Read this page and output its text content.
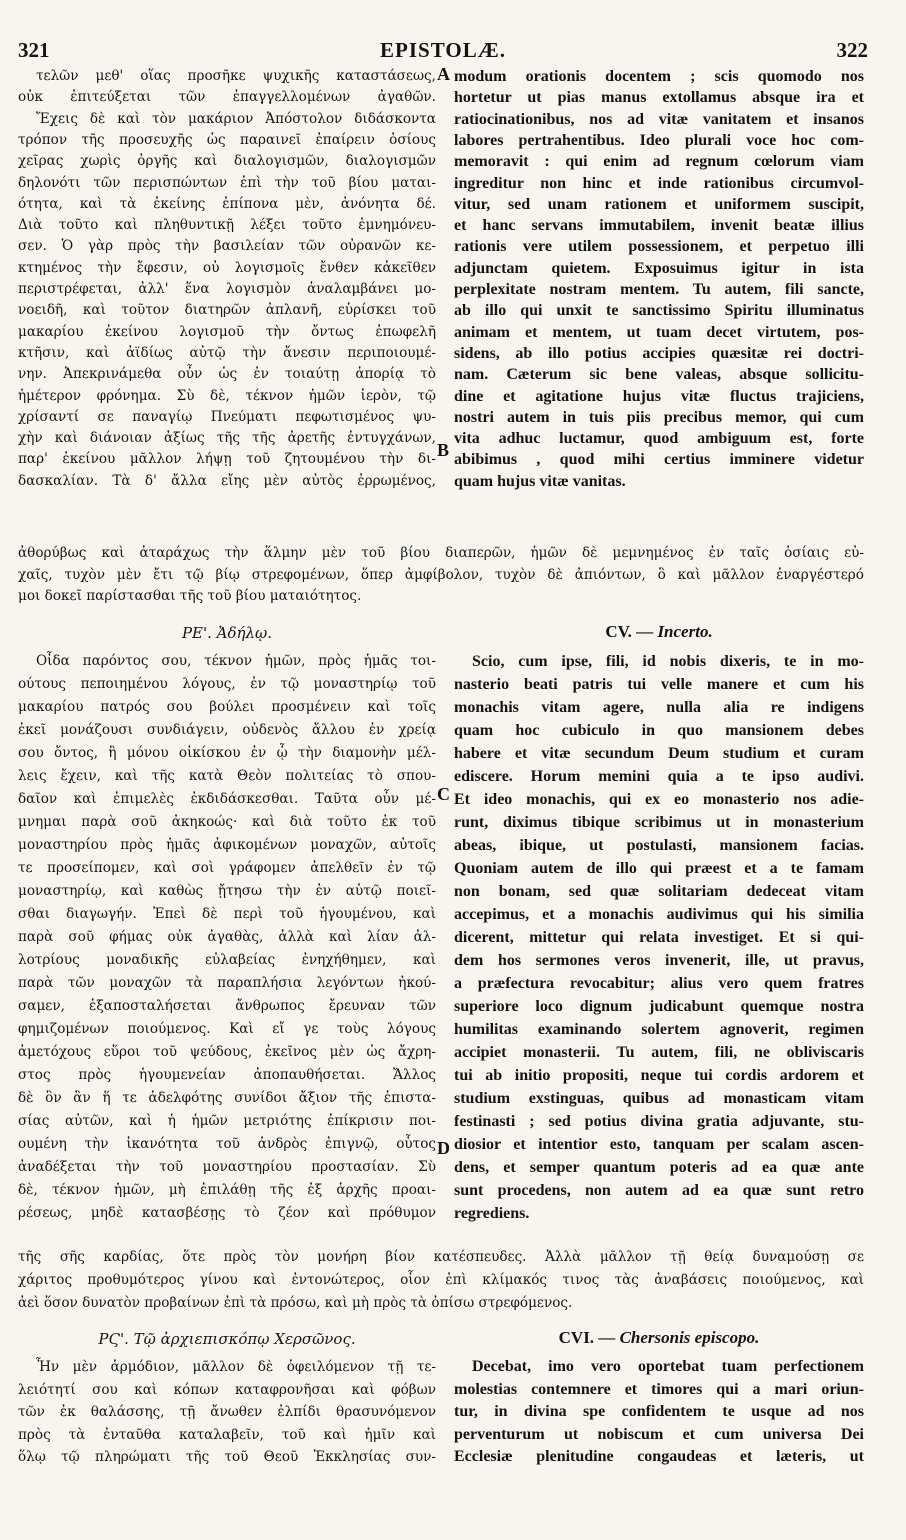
321	EPISTOLÆ.	322
τελῶν μεθ' οἵας προσῆκε ψυχικῆς καταστάσεως,
οὐκ ἐπιτεύξεται τῶν ἐπαγγελλομένων ἀγαθῶν.
Ἔχεις δὲ καὶ τὸν μακάριον Ἀπόστολον διδάσκοντα
τρόπον τῆς προσευχῆς ὡς παραινεῖ ἐπαίρειν ὁσίους
χεῖρας χωρὶς ὀργῆς καὶ διαλογισμῶν, διαλογισμῶν
δηλονότι τῶν περισπώντων ἐπὶ τὴν τοῦ βίου μαται-
ότητα, καὶ τὰ ἐκείνης ἐπίπονα μὲν, ἀνόνητα δέ.
Διὰ τοῦτο καὶ πληθυντικῇ λέξει τοῦτο ἐμνημόνευ-
σεν. Ὁ γὰρ πρὸς τὴν βασιλείαν τῶν οὐρανῶν κε-
κτημένος τὴν ἔφεσιν, οὐ λογισμοῖς ἔνθεν κἀκεῖθεν
περιστρέφεται, ἀλλ' ἕνα λογισμὸν ἀναλαμβάνει μο-
νοειδῆ, καὶ τοῦτον διατηρῶν ἀπλανῆ, εὑρίσκει τοῦ
μακαρίου ἐκείνου λογισμοῦ τὴν ὄντως ἐπωφελῆ
κτῆσιν, καὶ ἀϊδίως αὐτῷ τὴν ἄνεσιν περιποιουμέ-
νην. Ἀπεκρινάμεθα οὖν ὡς ἐν τοιαύτῃ ἀπορίᾳ τὸ
ἡμέτερον φρόνημα. Σὺ δὲ, τέκνον ἡμῶν ἱερὸν, τῷ
χρίσαντί σε παναγίῳ Πνεύματι πεφωτισμένος ψυ-
χὴν καὶ διάνοιαν ἀξίως τῆς τῆς ἀρετῆς ἐντυγχάνων,
παρ' ἐκείνου μᾶλλον λήψῃ τοῦ ζητουμένου τὴν δι-
δασκαλίαν. Τὰ δ' ἄλλα εἴης μὲν αὐτὸς ἐρρωμένος,
modum orationis docentem ; scis quomodo nos
hortetur ut pias manus extollamus absque ira et
ratiocinationibus, nos ad vitæ vanitatem et insanos
labores pertrahentibus. Ideo plurali voce hoc com-
memoravit : qui enim ad regnum cœlorum viam
ingreditur non hinc et inde rationibus circumvol-
vitur, sed unam rationem et uniformem suscipit,
et hanc servans immutabilem, invenit beatæ illius
rationis vere utilem possessionem, et perpetuo illi
adjunctam quietem. Exposuimus igitur in ista
perplexitate nostram mentem. Tu autem, fili sancte,
ab illo qui unxit te sanctissimo Spiritu illuminatus
animam et mentem, ut tuam decet virtutem, pos-
sidens, ab illo potius accipies quæsitæ rei doctri-
nam. Cæterum sic bene valeas, absque sollicitu-
dine et agitatione hujus vitæ fluctus trajiciens,
nostri autem in tuis piis precibus memor, qui cum
vita adhuc luctamur, quod ambiguum est, forte
abibimus , quod mihi certius imminere videtur
quam hujus vitæ vanitas.
ἀθορύβως καὶ ἀταράχως τὴν ἅλμην μὲν τοῦ βίου διαπερῶν, ἡμῶν δὲ μεμνημένος ἐν ταῖς ὁσίαις εὐ-
χαῖς, τυχὸν μὲν ἔτι τῷ βίῳ στρεφομένων, ὅπερ ἀμφίβολον, τυχὸν δὲ ἀπιόντων, ὃ καὶ μᾶλλον ἐναργέστερό
μοι δοκεῖ παρίστασθαι τῆς τοῦ βίου ματαιότητος.
ΡΕ'. Ἀδήλῳ.	CV. — Incerto.
Οἶδα παρόντος σου, τέκνον ἡμῶν, πρὸς ἡμᾶς τοι-
ούτους πεποιημένου λόγους, ἐν τῷ μοναστηρίῳ τοῦ
μακαρίου πατρός σου βούλει προσμένειν καὶ τοῖς
ἐκεῖ μονάζουσι συνδιάγειν, οὐδενὸς ἄλλου ἐν χρείᾳ
σου ὄντος, ἢ μόνου οἰκίσκου ἐν ᾧ τὴν διαμονὴν μέλ-
λεις ἔχειν, καὶ τῆς κατὰ Θεὸν πολιτείας τὸ σπου-
δαῖον καὶ ἐπιμελὲς ἐκδιδάσκεσθαι. Ταῦτα οὖν μέ-
μνημαι παρὰ σοῦ ἀκηκοώς· καὶ διὰ τοῦτο ἐκ τοῦ
μοναστηρίου πρὸς ἡμᾶς ἀφικομένων μοναχῶν, αὐτοῖς
τε προσείπομεν, καὶ σοὶ γράφομεν ἀπελθεῖν ἐν τῷ
μοναστηρίῳ, καὶ καθὼς ᾔτησω τὴν ἐν αὐτῷ ποιεῖ-
σθαι διαγωγήν. Ἐπεὶ δὲ περὶ τοῦ ἡγουμένου, καὶ
παρὰ σοῦ φήμας οὐκ ἀγαθὰς, ἀλλὰ καὶ λίαν ἀλ-
λοτρίους μοναδικῆς εὐλαβείας ἐνηχήθημεν, καὶ
παρὰ τῶν μοναχῶν τὰ παραπλήσια λεγόντων ἠκού-
σαμεν, ἐξαποσταλήσεται ἄνθρωπος ἔρευναν τῶν
φημιζομένων ποιούμενος. Καὶ εἴ γε τοὺς λόγους
ἀμετόχους εὕροι τοῦ ψεύδους, ἐκεῖνος μὲν ὡς ἄχρη-
στος πρὸς ἡγουμενείαν ἀποπαυθήσεται. Ἄλλος
δὲ ὃν ἂν ἥ τε ἀδελφότης συνίδοι ἄξιον τῆς ἐπιστα-
σίας αὐτῶν, καὶ ἡ ἡμῶν μετριότης ἐπίκρισιν ποι-
ουμένη τὴν ἱκανότητα τοῦ ἀνδρὸς ἐπιγνῷ, οὗτος
ἀναδέξεται τὴν τοῦ μοναστηρίου προστασίαν. Σὺ
δὲ, τέκνον ἡμῶν, μὴ ἐπιλάθῃ τῆς ἐξ ἀρχῆς προαι-
ρέσεως, μηδὲ κατασβέσῃς τὸ ζέον καὶ πρόθυμον
Scio, cum ipse, fili, id nobis dixeris, te in mo-
nasterio beati patris tui velle manere et cum his
monachis vitam agere, nulla alia re indigens
quam hoc cubiculo in quo mansionem debes
habere et vitæ secundum Deum studium et curam
ediscere. Horum memini quia a te ipso audivi.
Et ideo monachis, qui ex eo monasterio nos adie-
runt, diximus tibique scribimus ut in monasterium
abeas, ibique, ut postulasti, mansionem facias.
Quoniam autem de illo qui præest et a te famam
non bonam, sed quæ solitariam dedeceat vitam
accepimus, et a monachis audivimus qui his similia
dicerent, mittetur qui relata investiget. Et si qui-
dem hos sermones veros invenerit, ille, ut pravus,
a præfectura revocabitur; alius vero quem fratres
superiore loco dignum judicabunt quemque nostra
humilitas examinando solertem agnoverit, regimen
accipiet monasterii. Tu autem, fili, ne obliviscaris
tui ab initio propositi, neque tui cordis ardorem et
studium exstinguas, quibus ad monasticam vitam
festinasti ; sed potius divina gratia adjuvante, stu-
diosior et intentior esto, tanquam per scalam ascen-
dens, et semper quantum poteris ad ea quæ ante
sunt procedens, non autem ad ea quæ sunt retro
regrediens.
τῆς σῆς καρδίας, ὅτε πρὸς τὸν μονήρη βίον κατέσπευδες. Ἀλλὰ μᾶλλον τῇ θείᾳ δυναμούσῃ σε
χάριτος προθυμότερος γίνου καὶ ἐντονώτερος, οἷον ἐπὶ κλίμακός τινος τὰς ἀναβάσεις ποιούμενος, καὶ
ἀεὶ ὅσον δυνατὸν προβαίνων ἐπὶ τὰ πρόσω, καὶ μὴ πρὸς τὰ ὀπίσω στρεφόμενος.
ΡϚ'. Τῷ ἀρχιεπισκόπῳ Χερσῶνος.	CVI. — Chersonis episcopo.
Ἦν μὲν ἁρμόδιον, μᾶλλον δὲ ὀφειλόμενον τῇ τε-
λειότητί σου καὶ κόπων καταφρονῆσαι καὶ φόβων
τῶν ἐκ θαλάσσης, τῇ ἄνωθεν ἐλπίδι θρασυνόμενον
πρὸς τὰ ἐνταῦθα καταλαβεῖν, τοῦ καὶ ἡμῖν καὶ
ὅλῳ τῷ πληρώματι τῆς τοῦ Θεοῦ Ἐκκλησίας συν-
Decebat, imo vero oportebat tuam perfectionem
molestias contemnere et timores qui a mari oriun-
tur, in divina spe confidentem te usque ad nos
perventurum ut nobiscum et cum universa Dei
Ecclesiæ plenitudine congaudeas et læteris, ut
A
B
C
D
